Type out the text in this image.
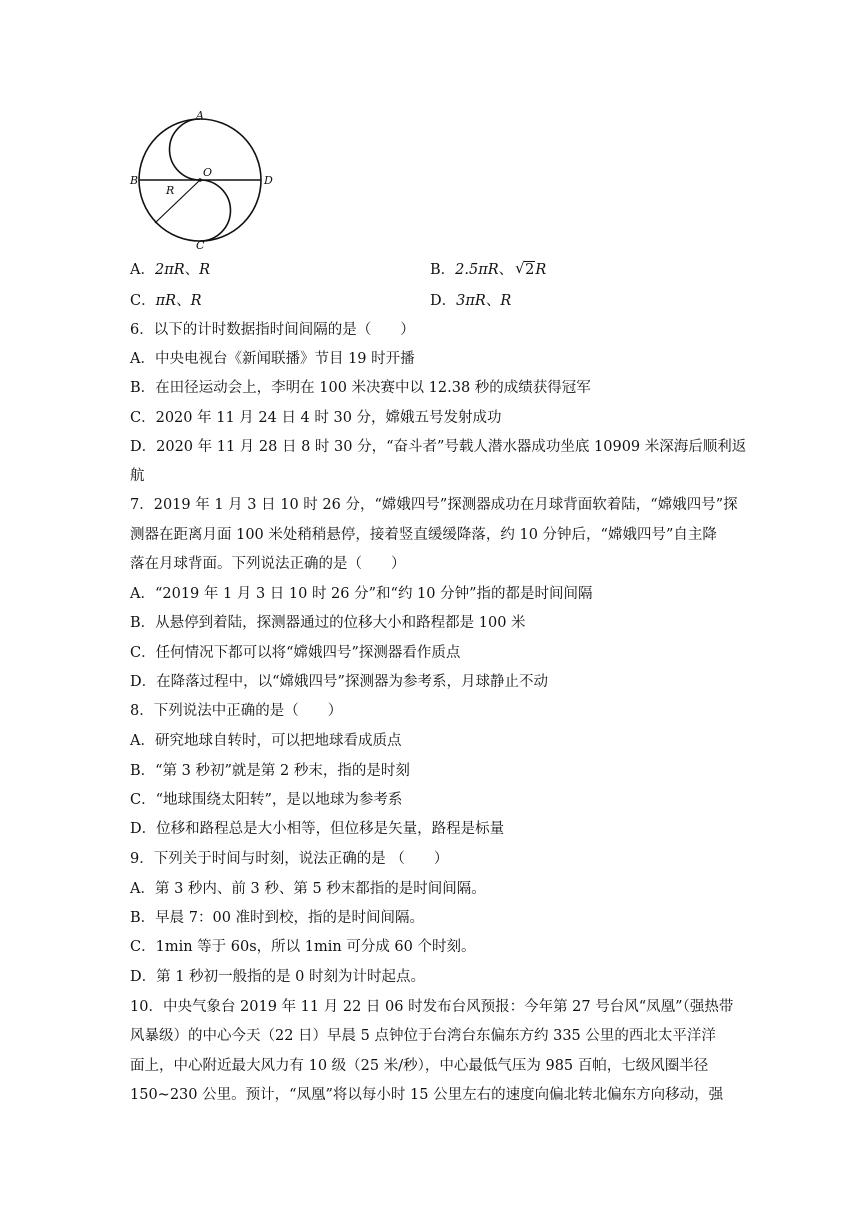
A
B
C
D
O
R
A．2πR、R	B．2.5πR、√ 2R
C．πR、R	D．3πR、R
6．以下的计时数据指时间间隔的是（　　）
A．中央电视台《新闻联播》节目 19 时开播
B．在田径运动会上，李明在 100 米决赛中以 12.38 秒的成绩获得冠军
C．2020 年 11 月 24 日 4 时 30 分，嫦娥五号发射成功
D．2020 年 11 月 28 日 8 时 30 分，“奋斗者”号载人潜水器成功坐底 10909 米深海后顺利返
航
7．2019 年 1 月 3 日 10 时 26 分，“嫦娥四号”探测器成功在月球背面软着陆，“嫦娥四号”探
测器在距离月面 100 米处稍稍悬停，接着竖直缓缓降落，约 10 分钟后，“嫦娥四号”自主降
落在月球背面。下列说法正确的是（　　）
A．“2019 年 1 月 3 日 10 时 26 分”和“约 10 分钟”指的都是时间间隔
B．从悬停到着陆，探测器通过的位移大小和路程都是 100 米
C．任何情况下都可以将“嫦娥四号”探测器看作质点
D．在降落过程中，以“嫦娥四号”探测器为参考系，月球静止不动
8．下列说法中正确的是（　　）
A．研究地球自转时，可以把地球看成质点
B．“第 3 秒初”就是第 2 秒末，指的是时刻
C．“地球围绕太阳转”，是以地球为参考系
D．位移和路程总是大小相等，但位移是矢量，路程是标量
9．下列关于时间与时刻，说法正确的是 （　　）
A．第 3 秒内、前 3 秒、第 5 秒末都指的是时间间隔。
B．早晨 7：00 准时到校，指的是时间间隔。
C．1min 等于 60s，所以 1min 可分成 60 个时刻。
D．第 1 秒初一般指的是 0 时刻为计时起点。
10．中央气象台 2019 年 11 月 22 日 06 时发布台风预报：今年第 27 号台风“凤凰”（强热带
风暴级）的中心今天（22 日）早晨 5 点钟位于台湾台东偏东方约 335 公里的西北太平洋洋
面上，中心附近最大风力有 10 级（25 米/秒），中心最低气压为 985 百帕，七级风圈半径
150~230 公里。预计，“凤凰”将以每小时 15 公里左右的速度向偏北转北偏东方向移动，强
